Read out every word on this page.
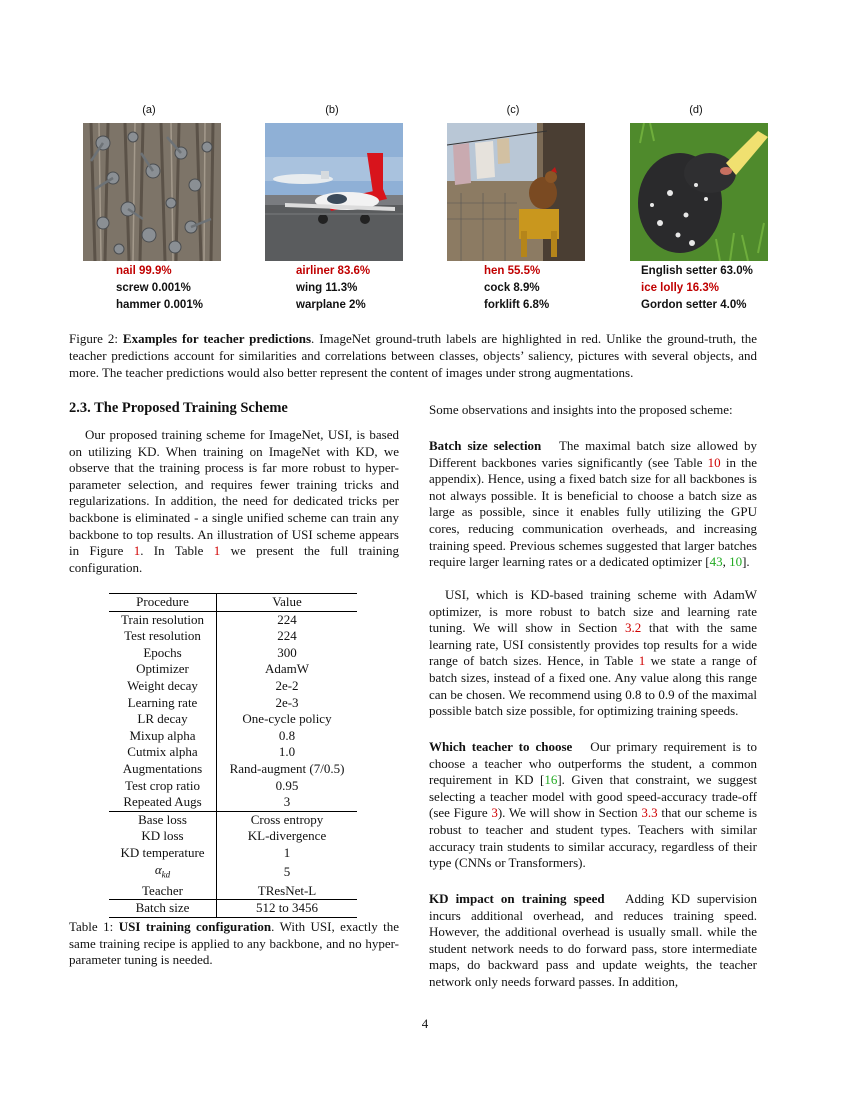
(a)	(b)	(c)	(d)
nail 99.9%
screw 0.001%
hammer 0.001%
airliner 83.6%
wing 11.3%
warplane 2%
hen 55.5%
cock 8.9%
forklift 6.8%
English setter 63.0%
ice lolly 16.3%
Gordon setter 4.0%
Figure 2: Examples for teacher predictions. ImageNet ground-truth labels are highlighted in red. Unlike the ground-truth, the teacher predictions account for similarities and correlations between classes, objects’ saliency, pictures with several objects, and more. The teacher predictions would also better represent the content of images under strong augmentations.
2.3. The Proposed Training Scheme
Our proposed training scheme for ImageNet, USI, is based on utilizing KD. When training on ImageNet with KD, we observe that the training process is far more robust to hyper-parameter selection, and requires fewer training tricks and regularizations. In addition, the need for dedicated tricks per backbone is eliminated - a single unified scheme can train any backbone to top results. An illustration of USI scheme appears in Figure 1. In Table 1 we present the full training configuration.
Procedure	Value
Train resolution	224
Test resolution	224
Epochs	300
Optimizer	AdamW
Weight decay	2e-2
Learning rate	2e-3
LR decay	One-cycle policy
Mixup alpha	0.8
Cutmix alpha	1.0
Augmentations	Rand-augment (7/0.5)
Test crop ratio	0.95
Repeated Augs	3
Base loss	Cross entropy
KD loss	KL-divergence
KD temperature	1
$\alpha_{kd}$	5
Teacher	TResNet-L
Batch size	512 to 3456
Table 1: USI training configuration. With USI, exactly the same training recipe is applied to any backbone, and no hyper-parameter tuning is needed.
Some observations and insights into the proposed scheme:
Batch size selection The maximal batch size allowed by Different backbones varies significantly (see Table 10 in the appendix). Hence, using a fixed batch size for all backbones is not always possible. It is beneficial to choose a batch size as large as possible, since it enables fully utilizing the GPU cores, reducing communication overheads, and increasing training speed. Previous schemes suggested that larger batches require larger learning rates or a dedicated optimizer [43, 10].
USI, which is KD-based training scheme with AdamW optimizer, is more robust to batch size and learning rate tuning. We will show in Section 3.2 that with the same learning rate, USI consistently provides top results for a wide range of batch sizes. Hence, in Table 1 we state a range of batch sizes, instead of a fixed one. Any value along this range can be chosen. We recommend using 0.8 to 0.9 of the maximal possible batch size possible, for optimizing training speeds.
Which teacher to choose Our primary requirement is to choose a teacher who outperforms the student, a common requirement in KD [16]. Given that constraint, we suggest selecting a teacher model with good speed-accuracy trade-off (see Figure 3). We will show in Section 3.3 that our scheme is robust to teacher and student types. Teachers with similar accuracy train students to similar accuracy, regardless of their type (CNNs or Transformers).
KD impact on training speed Adding KD supervision incurs additional overhead, and reduces training speed. However, the additional overhead is usually small. while the student network needs to do forward pass, store intermediate maps, do backward pass and update weights, the teacher network only needs forward passes. In addition,
4
